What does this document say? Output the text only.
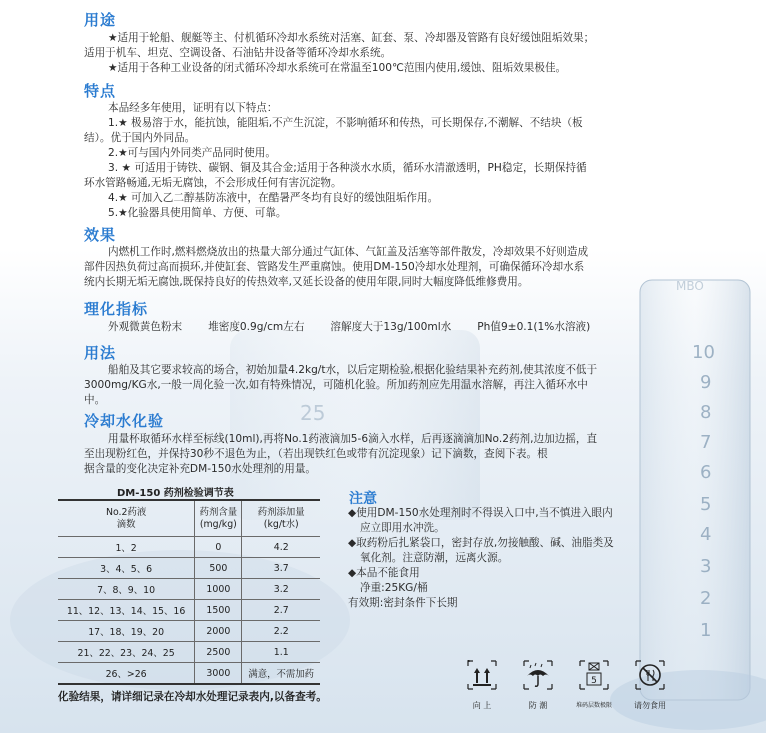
10
9
8
7
6
5
4
3
2
1
25
MBO
用途

★适用于轮船、舰艇等主、付机循环冷却水系统对活塞、缸套、泵、冷却器及管路有良好缓蚀阻垢效果；

适用于机车、坦克、空调设备、石油钻井设备等循环冷却水系统。

★适用于各种工业设备的闭式循环冷却水系统可在常温至100℃范围内使用,缓蚀、阻垢效果极佳。

特点

本品经多年使用，证明有以下特点：

1.★ 极易溶于水，能抗蚀，能阻垢,不产生沉淀，不影响循环和传热，可长期保存,不潮解、不结块（板

结）。优于国内外同品。

2.★可与国内外同类产品同时使用。

3. ★ 可适用于铸铁、碳钢、铜及其合金;适用于各种淡水水质，循环水清澈透明，PH稳定，长期保持循

环水管路畅通,无垢无腐蚀，不会形成任何有害沉淀物。

4.★ 可加入乙二醇基防冻液中，在酷暑严冬均有良好的缓蚀阻垢作用。

5.★化验器具使用简单、方便、可靠。

效果

内燃机工作时,燃料燃烧放出的热量大部分通过气缸体、气缸盖及活塞等部件散发，冷却效果不好则造成

部件因热负荷过高而损环,并使缸套、管路发生严重腐蚀。使用DM-150冷却水处理剂，可确保循环冷却水系

统内长期无垢无腐蚀,既保持良好的传热效率,又延长设备的使用年限,同时大幅度降低维修费用。

理化指标
外观微黄色粉末 堆密度0.9g/cm左右 溶解度大于13g/100ml水 Ph值9±0.1(1%水溶液)
用法

船舶及其它要求较高的场合，初始加量4.2kg/t水，以后定期检验,根据化验结果补充药剂,使其浓度不低于

3000mg/KG水,一般一周化验一次,如有特殊情况，可随机化验。所加药剂应先用温水溶解，再注入循环水中

中。

冷却水化验

用量杯取循环水样至标线(10ml),再将No.1药液滴加5-6滴入水样，后再逐滴滴加No.2药剂,边加边摇，直

至出现粉红色，并保持30秒不退色为止，（若出现铁红色或带有沉淀现象）记下滴数，查阅下表。根

据含量的变化决定补充DM-150水处理剂的用量。

DM-150 药剂检验调节表
No.2药液
滴数	药剂含量
(mg/kg)	药剂添加量
(kg/t水)
1、2	0	4.2
3、4、5、6	500	3.7
7、8、9、10	1000	3.2
11、12、13、14、15、16	1500	2.7
17、18、19、20	2000	2.2
21、22、23、24、25	2500	1.1
26、>26	3000	满意，不需加药
化验结果，请详细记录在冷却水处理记录表内,以备查考。
注意

◆使用DM-150水处理剂时不得误入口中,当不慎进入眼内

应立即用水冲洗。

◆取药粉后扎紧袋口，密封存放,勿接触酸、碱、油脂类及

氧化剂。注意防潮，远离火源。

◆本品不能食用

净重:25KG/桶

有效期:密封条件下长期

向 上	防 潮
5
堆码层数极限	请勿食用
